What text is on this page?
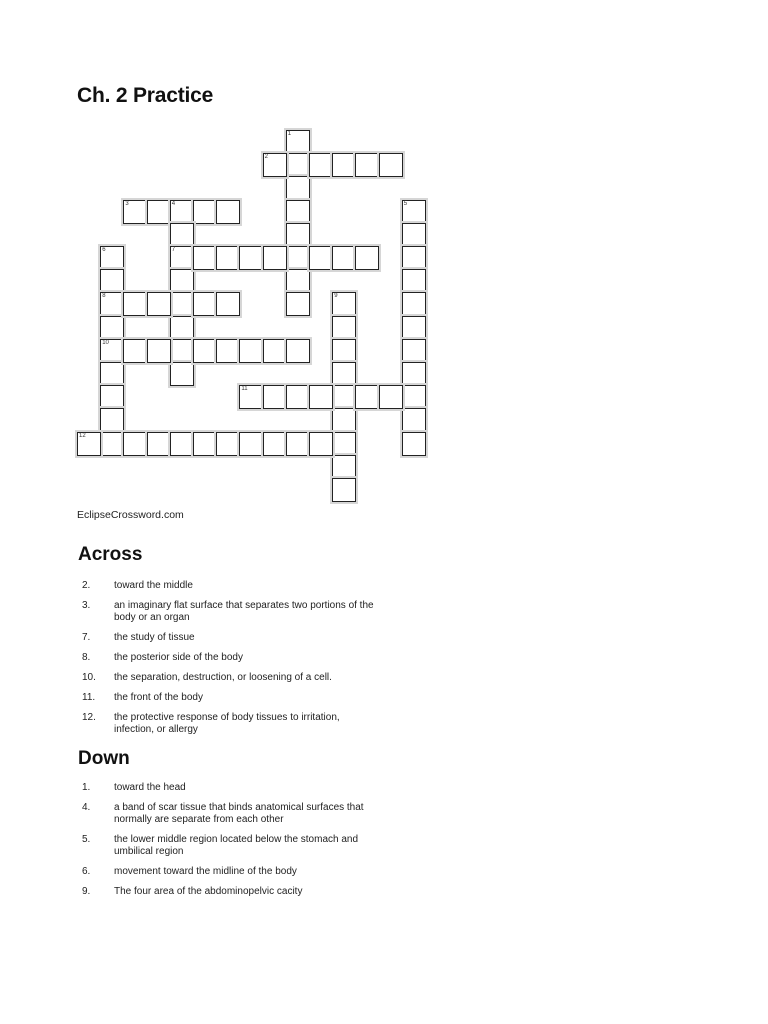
Ch. 2 Practice
1
2
3	4
7
5
6
8
10
9
11
12
EclipseCrossword.com
Across
2.	toward the middle
3.	an imaginary flat surface that separates two portions of the body or an organ
7.	the study of tissue
8.	the posterior side of the body
10.	the separation, destruction, or loosening of a cell.
11.	the front of the body
12.	the protective response of body tissues to irritation, infection, or allergy
Down
1.	toward the head
4.	a band of scar tissue that binds anatomical surfaces that normally are separate from each other
5.	the lower middle region located below the stomach and umbilical region
6.	movement toward the midline of the body
9.	The four area of the abdominopelvic cacity
